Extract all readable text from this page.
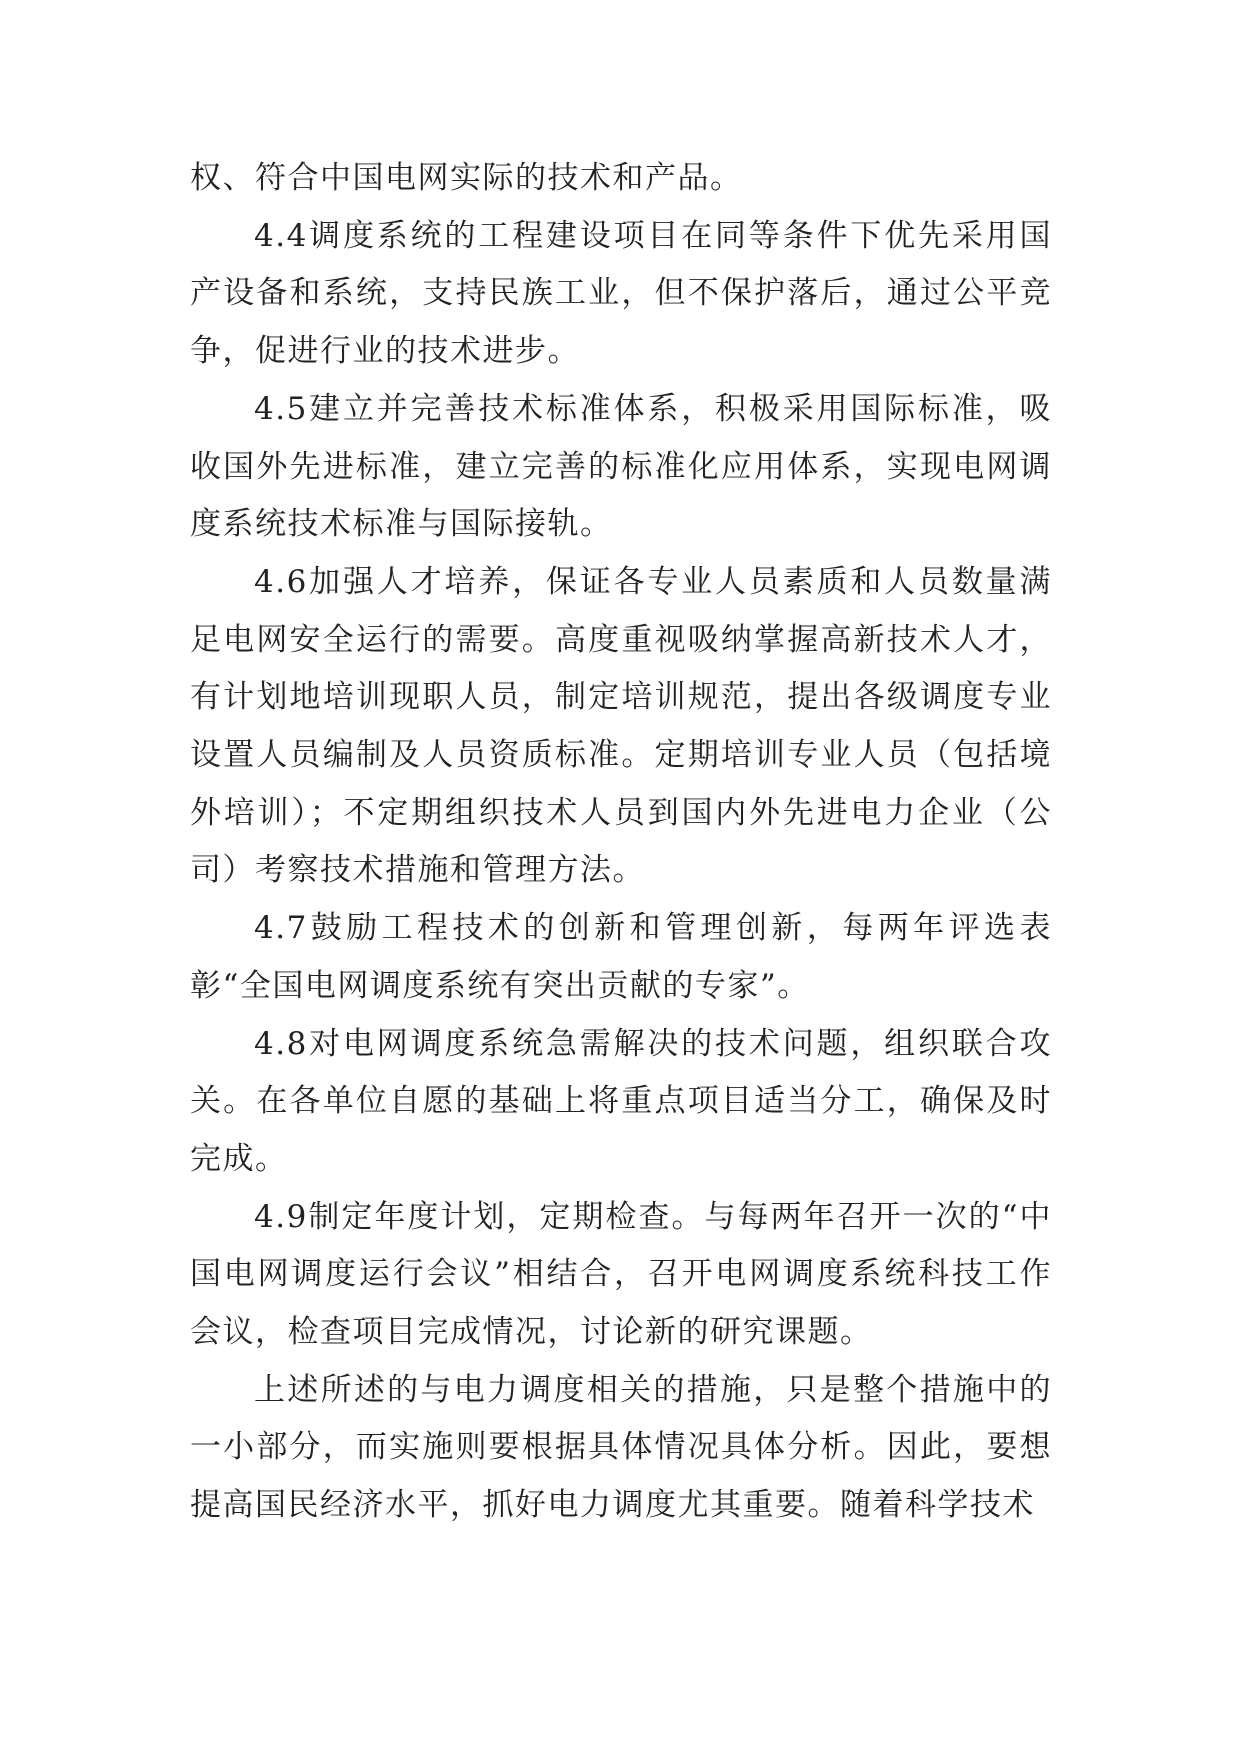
权、符合中国电网实际的技术和产品。

4.4调度系统的工程建设项目在同等条件下优先采用国产设备和系统，支持民族工业，但不保护落后，通过公平竞争，促进行业的技术进步。

4.5建立并完善技术标准体系，积极采用国际标准，吸收国外先进标准，建立完善的标准化应用体系，实现电网调度系统技术标准与国际接轨。

4.6加强人才培养，保证各专业人员素质和人员数量满足电网安全运行的需要。高度重视吸纳掌握高新技术人才，有计划地培训现职人员，制定培训规范，提出各级调度专业设置人员编制及人员资质标准。定期培训专业人员（包括境外培训）；不定期组织技术人员到国内外先进电力企业（公司）考察技术措施和管理方法。

4.7鼓励工程技术的创新和管理创新，每两年评选表彰“全国电网调度系统有突出贡献的专家”。

4.8对电网调度系统急需解决的技术问题，组织联合攻关。在各单位自愿的基础上将重点项目适当分工，确保及时完成。

4.9制定年度计划，定期检查。与每两年召开一次的“中国电网调度运行会议”相结合，召开电网调度系统科技工作会议，检查项目完成情况，讨论新的研究课题。

上述所述的与电力调度相关的措施，只是整个措施中的一小部分，而实施则要根据具体情况具体分析。因此，要想提高国民经济水平，抓好电力调度尤其重要。随着科学技术
